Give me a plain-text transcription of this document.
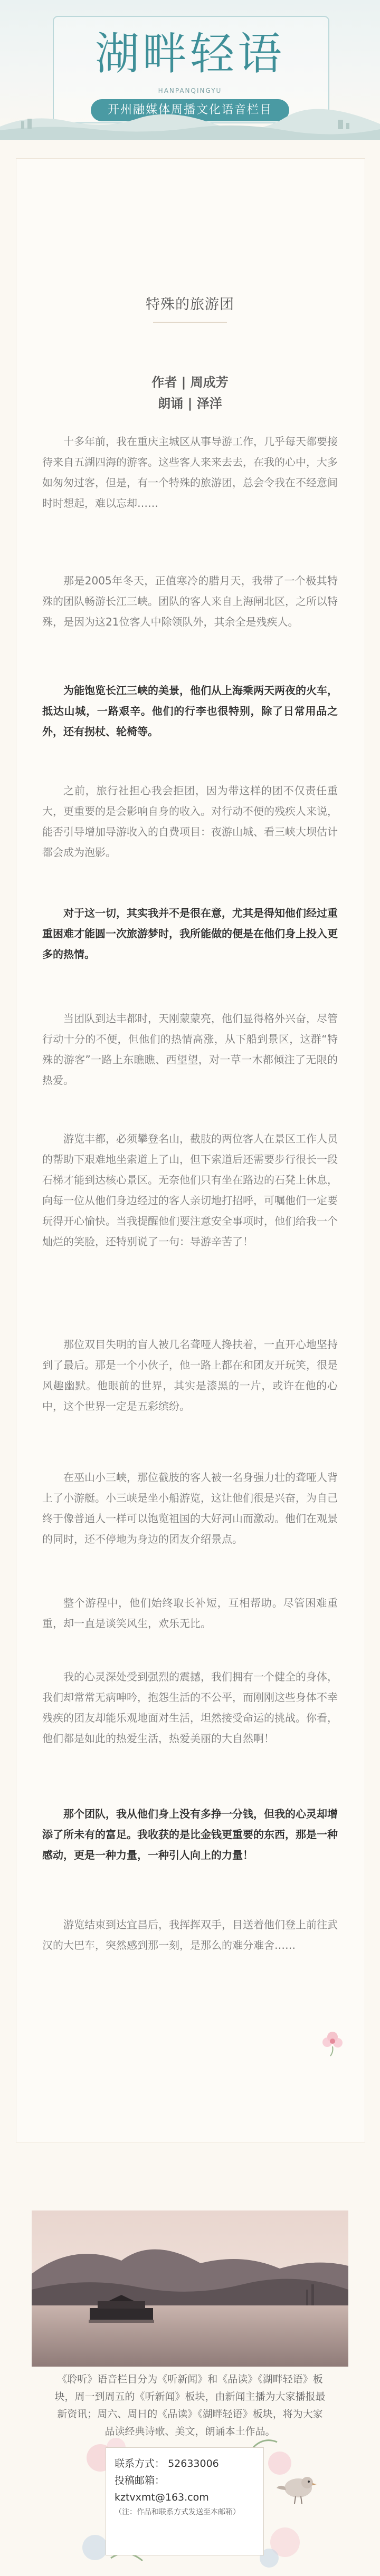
湖畔轻语
HANPANQINGYU
开州融媒体周播文化语音栏目
特殊的旅游团
作者 | 周成芳
朗诵 | 泽洋

十多年前，我在重庆主城区从事导游工作，几乎每天都要接待来自五湖四海的游客。这些客人来来去去，在我的心中，大多如匆匆过客，但是，有一个特殊的旅游团，总会令我在不经意间时时想起，难以忘却……

那是2005年冬天，正值寒冷的腊月天，我带了一个极其特殊的团队畅游长江三峡。团队的客人来自上海闸北区，之所以特殊，是因为这21位客人中除领队外，其余全是残疾人。

为能饱览长江三峡的美景，他们从上海乘两天两夜的火车，抵达山城，一路艰辛。他们的行李也很特别，除了日常用品之外，还有拐杖、轮椅等。

之前，旅行社担心我会拒团，因为带这样的团不仅责任重大，更重要的是会影响自身的收入。对行动不便的残疾人来说，能否引导增加导游收入的自费项目：夜游山城、看三峡大坝估计都会成为泡影。

对于这一切，其实我并不是很在意，尤其是得知他们经过重重困难才能圆一次旅游梦时，我所能做的便是在他们身上投入更多的热情。

当团队到达丰都时，天刚蒙蒙亮，他们显得格外兴奋，尽管行动十分的不便，但他们的热情高涨，从下船到景区，这群“特殊的游客”一路上东瞧瞧、西望望，对一草一木都倾注了无限的热爱。

游览丰都，必须攀登名山，截肢的两位客人在景区工作人员的帮助下艰难地坐索道上了山，但下索道后还需要步行很长一段石梯才能到达核心景区。无奈他们只有坐在路边的石凳上休息，向每一位从他们身边经过的客人亲切地打招呼，可嘱他们一定要玩得开心愉快。当我提醒他们要注意安全事项时，他们给我一个灿烂的笑脸，还特别说了一句：导游辛苦了！

那位双目失明的盲人被几名聋哑人搀扶着，一直开心地坚持到了最后。那是一个小伙子，他一路上都在和团友开玩笑，很是风趣幽默。他眼前的世界，其实是漆黑的一片，或许在他的心中，这个世界一定是五彩缤纷。

在巫山小三峡，那位截肢的客人被一名身强力壮的聋哑人背上了小游艇。小三峡是坐小船游览，这让他们很是兴奋，为自己终于像普通人一样可以饱览祖国的大好河山而激动。他们在观景的同时，还不停地为身边的团友介绍景点。

整个游程中，他们始终取长补短，互相帮助。尽管困难重重，却一直是谈笑风生，欢乐无比。

我的心灵深处受到强烈的震撼，我们拥有一个健全的身体，我们却常常无病呻吟，抱怨生活的不公平，而刚刚这些身体不幸残疾的团友却能乐观地面对生活，坦然接受命运的挑战。你看，他们都是如此的热爱生活，热爱美丽的大自然啊！

那个团队，我从他们身上没有多挣一分钱，但我的心灵却增添了所未有的富足。我收获的是比金钱更重要的东西，那是一种感动，更是一种力量，一种引人向上的力量！

游览结束到达宜昌后，我挥挥双手，目送着他们登上前往武汉的大巴车，突然感到那一刻，是那么的难分难舍……

《聆听》语音栏目分为《听新闻》和《品读》《湖畔轻语》板块，周一到周五的《听新闻》板块，由新闻主播为大家播报最新资讯；周六、周日的《品读》《湖畔轻语》板块，将为大家品读经典诗歌、美文，朗诵本土作品。

联系方式： 52633006
投稿邮箱：
kztvxmt@163.com
（注：作品和联系方式发送至本邮箱）
